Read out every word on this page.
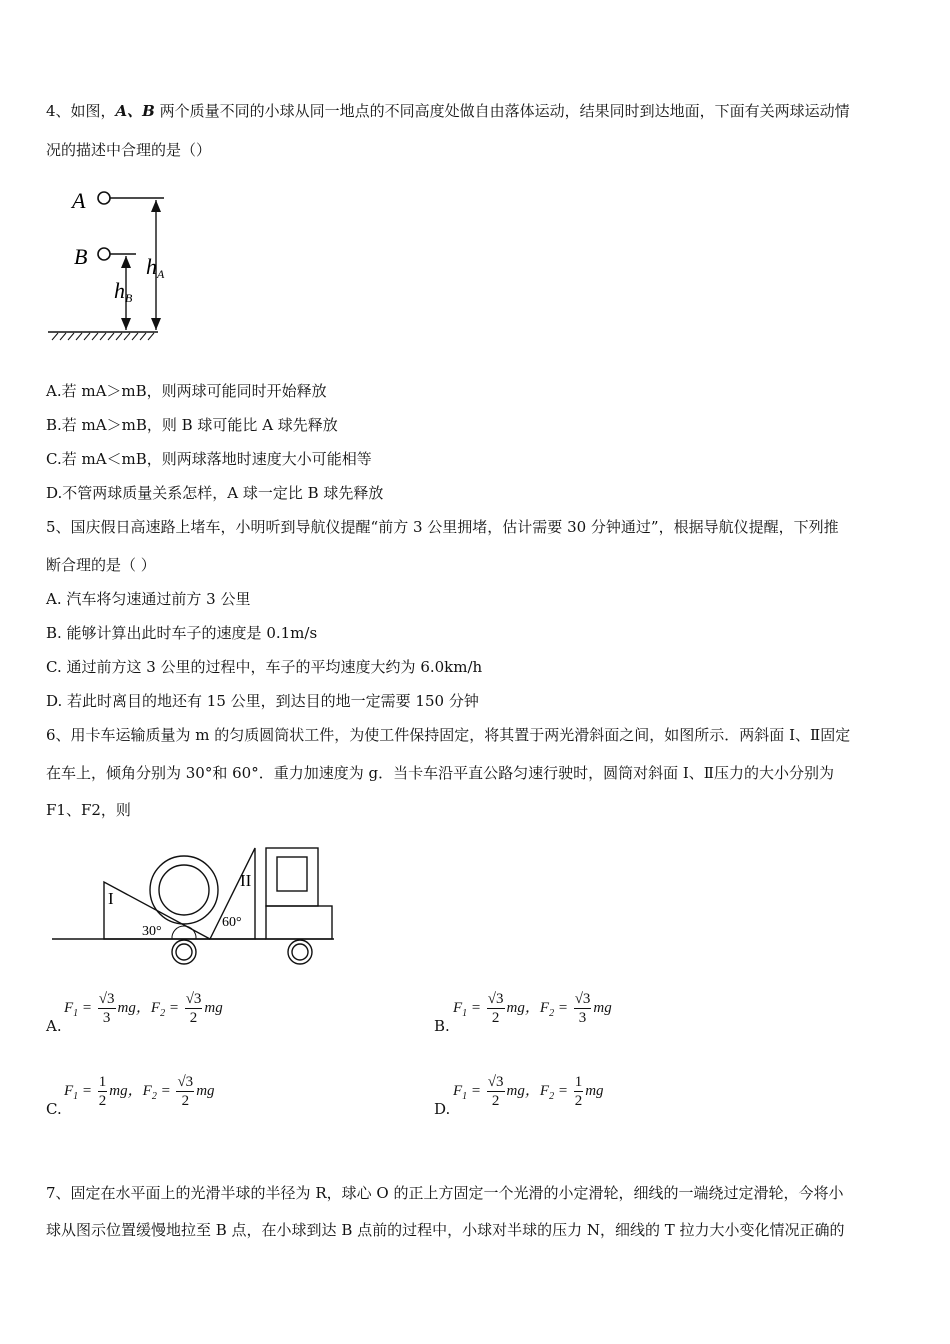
4、如图，A、B 两个质量不同的小球从同一地点的不同高度处做自由落体运动，结果同时到达地面，下面有关两球运动情
况的描述中合理的是（）
A
B	hA
hB
A.若 mA＞mB，则两球可能同时开始释放
B.若 mA＞mB，则 B 球可能比 A 球先释放
C.若 mA＜mB，则两球落地时速度大小可能相等
D.不管两球质量关系怎样，A 球一定比 B 球先释放
5、国庆假日高速路上堵车，小明听到导航仪提醒“前方 3 公里拥堵，估计需要 30 分钟通过”，根据导航仪提醒，下列推
断合理的是（ ）
A. 汽车将匀速通过前方 3 公里
B. 能够计算出此时车子的速度是 0.1m/s
C. 通过前方这 3 公里的过程中，车子的平均速度大约为 6.0km/h
D. 若此时离目的地还有 15 公里，到达目的地一定需要 150 分钟
6、用卡车运输质量为 m 的匀质圆筒状工件，为使工件保持固定，将其置于两光滑斜面之间，如图所示．两斜面 I、Ⅱ固定
在车上，倾角分别为 30°和 60°．重力加速度为 g．当卡车沿平直公路匀速行驶时，圆筒对斜面 I、Ⅱ压力的大小分别为
F1、F2，则
I
II
30°
60°
A.
$F_1 = \frac{√3}{3}$ mg，$F_2 = \frac{√3}{2}$ mg
B.
$F_1 = \frac{√3}{2}$ mg，$F_2 = \frac{√3}{3}$ mg
C.
$F_1 = \frac{1}{2}$ mg，$F_2 = \frac{√3}{2}$ mg
D.
$F_1 = \frac{√3}{2}$ mg，$F_2 = \frac{1}{2}$ mg
7、固定在水平面上的光滑半球的半径为 R，球心 O 的正上方固定一个光滑的小定滑轮，细线的一端绕过定滑轮，今将小
球从图示位置缓慢地拉至 B 点，在小球到达 B 点前的过程中，小球对半球的压力 N，细线的 T 拉力大小变化情况正确的
